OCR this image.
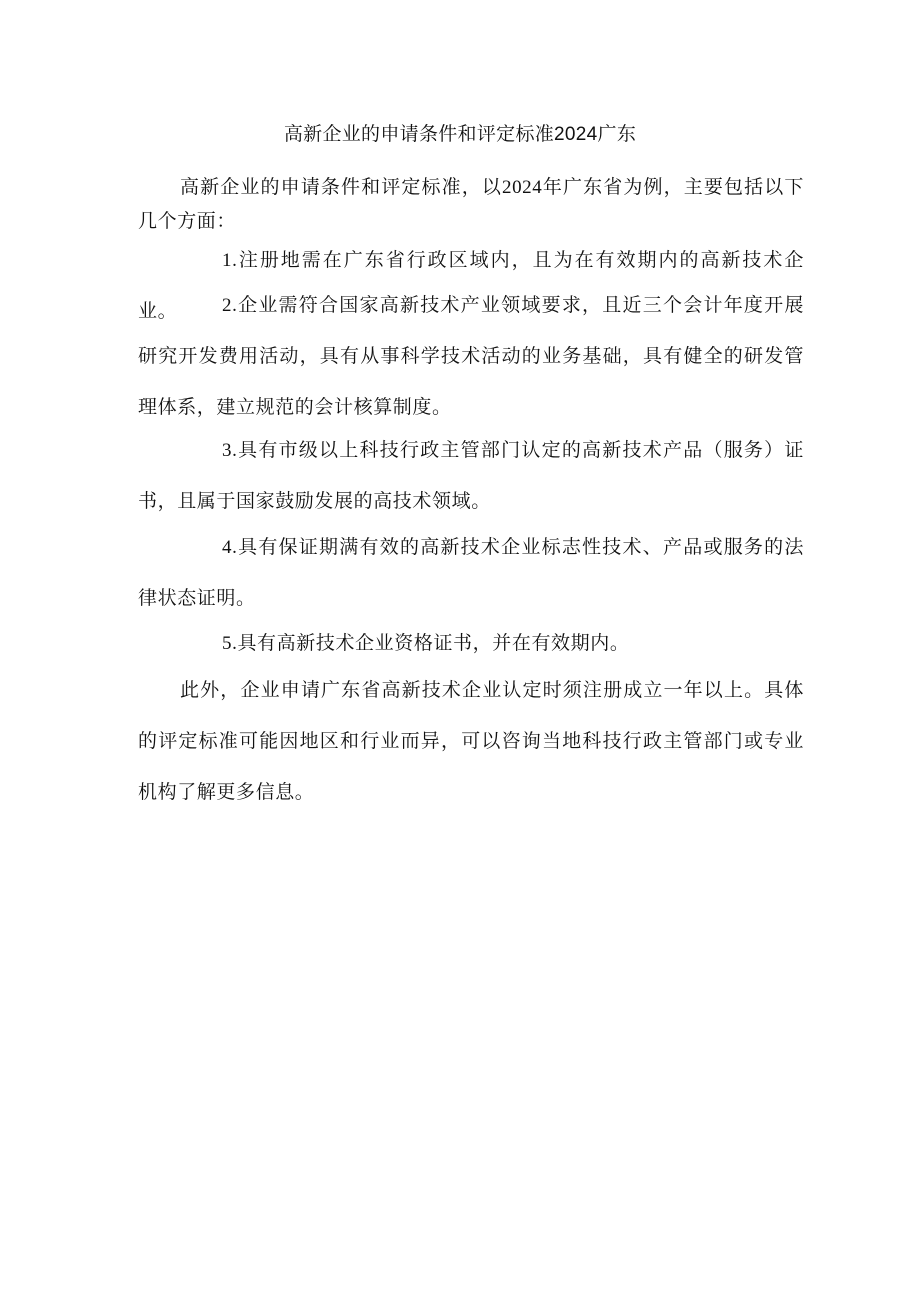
高新企业的申请条件和评定标准2024广东
高新企业的申请条件和评定标准，以2024年广东省为例，主要包括以下几个方面：
1.注册地需在广东省行政区域内，且为在有效期内的高新技术企业。	2.企业需符合国家高新技术产业领域要求，且近三个会计年度开展研究开发费用活动，具有从事科学技术活动的业务基础，具有健全的研发管理体系，建立规范的会计核算制度。
3.具有市级以上科技行政主管部门认定的高新技术产品（服务）证书，且属于国家鼓励发展的高技术领域。
4.具有保证期满有效的高新技术企业标志性技术、产品或服务的法律状态证明。
5.具有高新技术企业资格证书，并在有效期内。
此外，企业申请广东省高新技术企业认定时须注册成立一年以上。具体的评定标准可能因地区和行业而异，可以咨询当地科技行政主管部门或专业机构了解更多信息。
